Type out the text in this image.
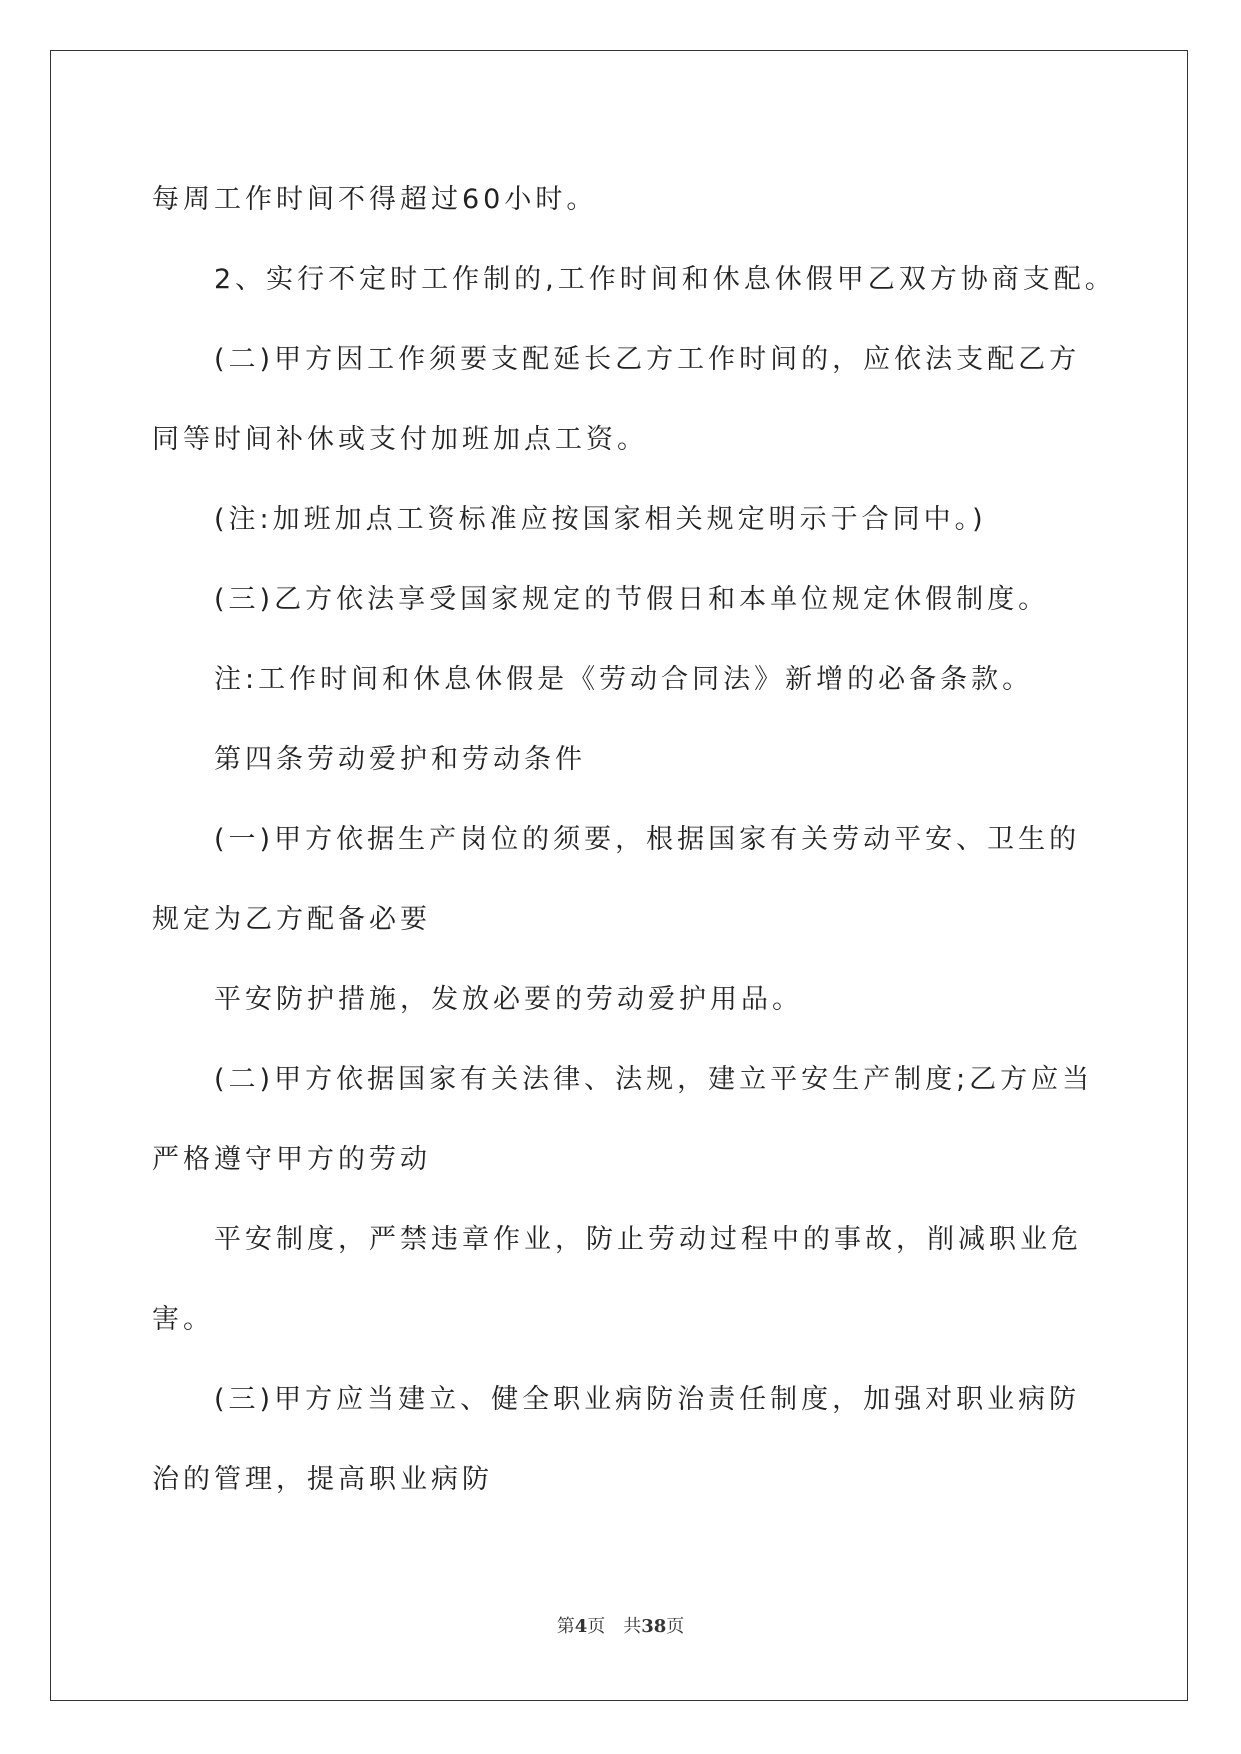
每周工作时间不得超过60小时。
2、实行不定时工作制的,工作时间和休息休假甲乙双方协商支配。
(二)甲方因工作须要支配延长乙方工作时间的，应依法支配乙方
同等时间补休或支付加班加点工资。
(注:加班加点工资标准应按国家相关规定明示于合同中。)
(三)乙方依法享受国家规定的节假日和本单位规定休假制度。
注:工作时间和休息休假是《劳动合同法》新增的必备条款。
第四条劳动爱护和劳动条件
(一)甲方依据生产岗位的须要，根据国家有关劳动平安、卫生的
规定为乙方配备必要
平安防护措施，发放必要的劳动爱护用品。
(二)甲方依据国家有关法律、法规，建立平安生产制度;乙方应当
严格遵守甲方的劳动
平安制度，严禁违章作业，防止劳动过程中的事故，削减职业危
害。
(三)甲方应当建立、健全职业病防治责任制度，加强对职业病防
治的管理，提高职业病防
第4页 共38页
